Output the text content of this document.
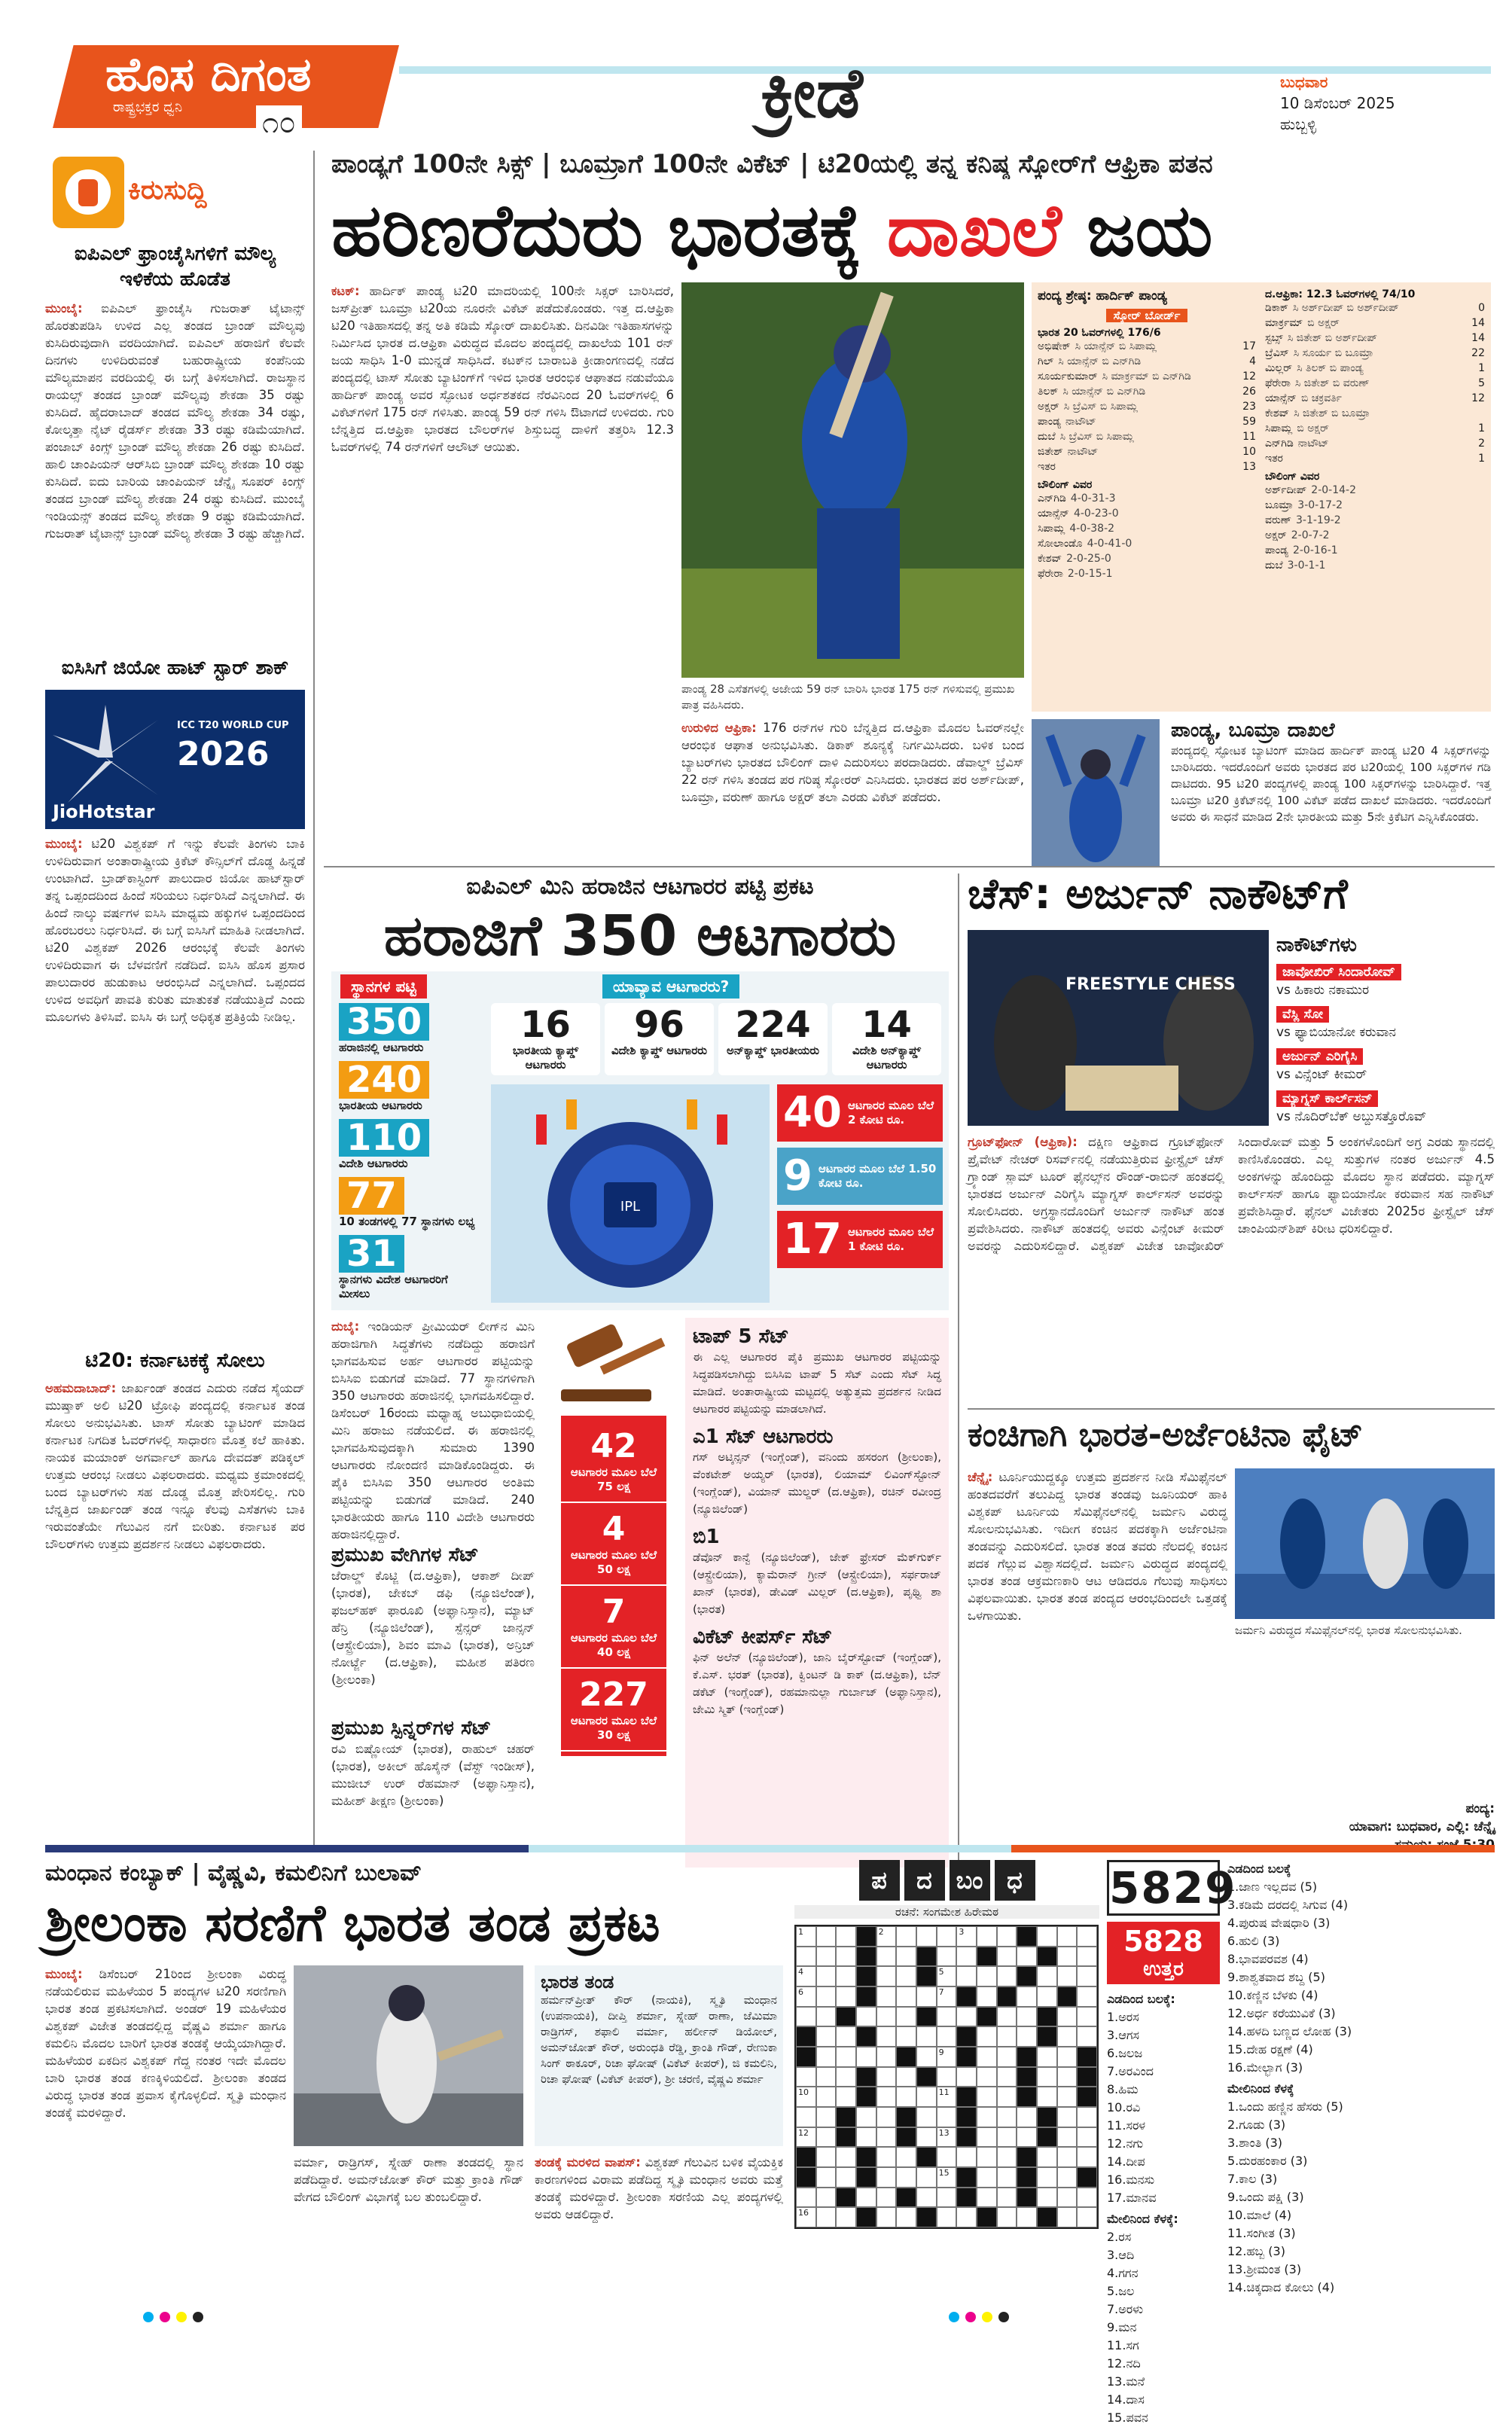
ಹೊಸ ದಿಗಂತ
ರಾಷ್ಟ್ರಭಕ್ತರ ಧ್ವನಿ	೧೦	ಕ್ರೀಡೆ	ಬುಧವಾರ
10 ಡಿಸೆಂಬರ್ 2025
ಹುಬ್ಬಳ್ಳಿ
ಕಿರುಸುದ್ದಿ
ಐಪಿಎಲ್ ಫ್ರಾಂಚೈಸಿಗಳಿಗೆ ಮೌಲ್ಯ ಇಳಿಕೆಯ ಹೊಡೆತ
ಮುಂಬೈ: ಐಪಿಎಲ್ ಫ್ರಾಂಚೈಸಿ ಗುಜರಾತ್ ಟೈಟಾನ್ಸ್ ಹೊರತುಪಡಿಸಿ ಉಳಿದ ಎಲ್ಲ ತಂಡದ ಬ್ರಾಂಡ್ ಮೌಲ್ಯವು ಕುಸಿದಿರುವುದಾಗಿ ವರದಿಯಾಗಿದೆ. ಐಪಿಎಲ್ ಹರಾಜಿಗೆ ಕೆಲವೇ ದಿನಗಳು ಉಳಿದಿರುವಂತೆ ಬಹುರಾಷ್ಟ್ರೀಯ ಕಂಪೆನಿಯ ಮೌಲ್ಯಮಾಪನ ವರದಿಯಲ್ಲಿ ಈ ಬಗ್ಗೆ ತಿಳಿಸಲಾಗಿದೆ. ರಾಜಸ್ಥಾನ ರಾಯಲ್ಸ್ ತಂಡದ ಬ್ರಾಂಡ್ ಮೌಲ್ಯವು ಶೇಕಡಾ 35 ರಷ್ಟು ಕುಸಿದಿದೆ. ಹೈದರಾಬಾದ್ ತಂಡದ ಮೌಲ್ಯ ಶೇಕಡಾ 34 ರಷ್ಟು, ಕೋಲ್ಕತ್ತಾ ನೈಟ್ ರೈಡರ್ಸ್ ಶೇಕಡಾ 33 ರಷ್ಟು ಕಡಿಮೆಯಾಗಿದೆ. ಪಂಜಾಬ್ ಕಿಂಗ್ಸ್ ಬ್ರಾಂಡ್ ಮೌಲ್ಯ ಶೇಕಡಾ 26 ರಷ್ಟು ಕುಸಿದಿದೆ. ಹಾಲಿ ಚಾಂಪಿಯನ್ ಆರ್‌ಸಿಬಿ ಬ್ರಾಂಡ್ ಮೌಲ್ಯ ಶೇಕಡಾ 10 ರಷ್ಟು ಕುಸಿದಿದೆ. ಐದು ಬಾರಿಯ ಚಾಂಪಿಯನ್ ಚೆನ್ನೈ ಸೂಪರ್ ಕಿಂಗ್ಸ್ ತಂಡದ ಬ್ರಾಂಡ್ ಮೌಲ್ಯ ಶೇಕಡಾ 24 ರಷ್ಟು ಕುಸಿದಿದೆ. ಮುಂಬೈ ಇಂಡಿಯನ್ಸ್ ತಂಡದ ಮೌಲ್ಯ ಶೇಕಡಾ 9 ರಷ್ಟು ಕಡಿಮೆಯಾಗಿದೆ. ಗುಜರಾತ್ ಟೈಟಾನ್ಸ್ ಬ್ರಾಂಡ್ ಮೌಲ್ಯ ಶೇಕಡಾ 3 ರಷ್ಟು ಹೆಚ್ಚಾಗಿದೆ.
ಐಸಿಸಿಗೆ ಜಿಯೋ ಹಾಟ್ ಸ್ಟಾರ್ ಶಾಕ್
ICC T20 WORLD CUP
2026
JioHotstar
ಮುಂಬೈ: ಟಿ20 ವಿಶ್ವಕಪ್ ಗೆ ಇನ್ನು ಕೆಲವೇ ತಿಂಗಳು ಬಾಕಿ ಉಳಿದಿರುವಾಗ ಅಂತಾರಾಷ್ಟ್ರೀಯ ಕ್ರಿಕೆಟ್ ಕೌನ್ಸಿಲ್‌ಗೆ ದೊಡ್ಡ ಹಿನ್ನಡೆ ಉಂಟಾಗಿದೆ. ಬ್ರಾಡ್‌ಕಾಸ್ಟಿಂಗ್ ಪಾಲುದಾರ ಜಿಯೋ ಹಾಟ್‌ಸ್ಟಾರ್ ತನ್ನ ಒಪ್ಪಂದದಿಂದ ಹಿಂದೆ ಸರಿಯಲು ನಿರ್ಧರಿಸಿದೆ ಎನ್ನಲಾಗಿದೆ. ಈ ಹಿಂದೆ ನಾಲ್ಕು ವರ್ಷಗಳ ಐಸಿಸಿ ಮಾಧ್ಯಮ ಹಕ್ಕುಗಳ ಒಪ್ಪಂದದಿಂದ ಹೊರಬರಲು ನಿರ್ಧರಿಸಿದೆ. ಈ ಬಗ್ಗೆ ಐಸಿಸಿಗೆ ಮಾಹಿತಿ ನೀಡಲಾಗಿದೆ. ಟಿ20 ವಿಶ್ವಕಪ್ 2026 ಆರಂಭಕ್ಕೆ ಕೆಲವೇ ತಿಂಗಳು ಉಳಿದಿರುವಾಗ ಈ ಬೆಳವಣಿಗೆ ನಡೆದಿದೆ. ಐಸಿಸಿ ಹೊಸ ಪ್ರಸಾರ ಪಾಲುದಾರರ ಹುಡುಕಾಟ ಆರಂಭಿಸಿದೆ ಎನ್ನಲಾಗಿದೆ. ಒಪ್ಪಂದದ ಉಳಿದ ಅವಧಿಗೆ ಪಾವತಿ ಕುರಿತು ಮಾತುಕತೆ ನಡೆಯುತ್ತಿದೆ ಎಂದು ಮೂಲಗಳು ತಿಳಿಸಿವೆ. ಐಸಿಸಿ ಈ ಬಗ್ಗೆ ಅಧಿಕೃತ ಪ್ರತಿಕ್ರಿಯೆ ನೀಡಿಲ್ಲ.
ಟಿ20: ಕರ್ನಾಟಕಕ್ಕೆ ಸೋಲು
ಅಹಮದಾಬಾದ್: ಜಾರ್ಖಂಡ್ ತಂಡದ ಎದುರು ನಡೆದ ಸೈಯದ್ ಮುಷ್ತಾಕ್ ಅಲಿ ಟಿ20 ಟ್ರೋಫಿ ಪಂದ್ಯದಲ್ಲಿ ಕರ್ನಾಟಕ ತಂಡ ಸೋಲು ಅನುಭವಿಸಿತು. ಟಾಸ್ ಸೋತು ಬ್ಯಾಟಿಂಗ್ ಮಾಡಿದ ಕರ್ನಾಟಕ ನಿಗದಿತ ಓವರ್‌ಗಳಲ್ಲಿ ಸಾಧಾರಣ ಮೊತ್ತ ಕಲೆ ಹಾಕಿತು. ನಾಯಕ ಮಯಾಂಕ್ ಅಗರ್ವಾಲ್ ಹಾಗೂ ದೇವದತ್ ಪಡಿಕ್ಕಲ್ ಉತ್ತಮ ಆರಂಭ ನೀಡಲು ವಿಫಲರಾದರು. ಮಧ್ಯಮ ಕ್ರಮಾಂಕದಲ್ಲಿ ಬಂದ ಬ್ಯಾಟರ್‌ಗಳು ಸಹ ದೊಡ್ಡ ಮೊತ್ತ ಪೇರಿಸಲಿಲ್ಲ. ಗುರಿ ಬೆನ್ನತ್ತಿದ ಜಾರ್ಖಂಡ್ ತಂಡ ಇನ್ನೂ ಕೆಲವು ಎಸೆತಗಳು ಬಾಕಿ ಇರುವಂತೆಯೇ ಗೆಲುವಿನ ನಗೆ ಬೀರಿತು. ಕರ್ನಾಟಕ ಪರ ಬೌಲರ್‌ಗಳು ಉತ್ತಮ ಪ್ರದರ್ಶನ ನೀಡಲು ವಿಫಲರಾದರು.
ಪಾಂಡ್ಯಗೆ 100ನೇ ಸಿಕ್ಸ್ | ಬೂಮ್ರಾಗೆ 100ನೇ ವಿಕೆಟ್ | ಟಿ20ಯಲ್ಲಿ ತನ್ನ ಕನಿಷ್ಠ ಸ್ಕೋರ್‌ಗೆ ಆಫ್ರಿಕಾ ಪತನ
ಹರಿಣರೆದುರು ಭಾರತಕ್ಕೆ ದಾಖಲೆ ಜಯ
ಕಟಕ್: ಹಾರ್ದಿಕ್ ಪಾಂಡ್ಯ ಟಿ20 ಮಾದರಿಯಲ್ಲಿ 100ನೇ ಸಿಕ್ಸರ್ ಬಾರಿಸಿದರೆ, ಜಸ್‌ಪ್ರೀತ್ ಬೂಮ್ರಾ ಟಿ20ಯ ನೂರನೇ ವಿಕೆಟ್ ಪಡೆದುಕೊಂಡರು. ಇತ್ತ ದ.ಆಫ್ರಿಕಾ ಟಿ20 ಇತಿಹಾಸದಲ್ಲಿ ತನ್ನ ಅತಿ ಕಡಿಮೆ ಸ್ಕೋರ್ ದಾಖಲಿಸಿತು. ದಿನವಿಡೀ ಇತಿಹಾಸಗಳನ್ನು ನಿರ್ಮಿಸಿದ ಭಾರತ ದ.ಆಫ್ರಿಕಾ ವಿರುದ್ಧದ ಮೊದಲ ಪಂದ್ಯದಲ್ಲಿ ದಾಖಲೆಯ 101 ರನ್ ಜಯ ಸಾಧಿಸಿ 1-0 ಮುನ್ನಡೆ ಸಾಧಿಸಿದೆ. ಕಟಕ್‌ನ ಬಾರಾಬತಿ ಕ್ರೀಡಾಂಗಣದಲ್ಲಿ ನಡೆದ ಪಂದ್ಯದಲ್ಲಿ ಟಾಸ್ ಸೋತು ಬ್ಯಾಟಿಂಗ್‌ಗೆ ಇಳಿದ ಭಾರತ ಆರಂಭಿಕ ಆಘಾತದ ನಡುವೆಯೂ ಹಾರ್ದಿಕ್ ಪಾಂಡ್ಯ ಅವರ ಸ್ಫೋಟಕ ಅರ್ಧಶತಕದ ನೆರವಿನಿಂದ 20 ಓವರ್‌ಗಳಲ್ಲಿ 6 ವಿಕೆಟ್‌ಗಳಿಗೆ 175 ರನ್ ಗಳಿಸಿತು. ಪಾಂಡ್ಯ 59 ರನ್ ಗಳಿಸಿ ಔಟಾಗದೆ ಉಳಿದರು. ಗುರಿ ಬೆನ್ನತ್ತಿದ ದ.ಆಫ್ರಿಕಾ ಭಾರತದ ಬೌಲರ್‌ಗಳ ಶಿಸ್ತುಬದ್ಧ ದಾಳಿಗೆ ತತ್ತರಿಸಿ 12.3 ಓವರ್‌ಗಳಲ್ಲಿ 74 ರನ್‌ಗಳಿಗೆ ಆಲೌಟ್ ಆಯಿತು.
ಪಾಂಡ್ಯ 28 ಎಸೆತಗಳಲ್ಲಿ ಅಜೇಯ 59 ರನ್ ಬಾರಿಸಿ ಭಾರತ 175 ರನ್ ಗಳಿಸುವಲ್ಲಿ ಪ್ರಮುಖ ಪಾತ್ರ ವಹಿಸಿದರು.
ಉರುಳಿದ ಆಫ್ರಿಕಾ: 176 ರನ್‌ಗಳ ಗುರಿ ಬೆನ್ನತ್ತಿದ ದ.ಆಫ್ರಿಕಾ ಮೊದಲ ಓವರ್‌ನಲ್ಲೇ ಆರಂಭಿಕ ಆಘಾತ ಅನುಭವಿಸಿತು. ಡಿಕಾಕ್ ಶೂನ್ಯಕ್ಕೆ ನಿರ್ಗಮಿಸಿದರು. ಬಳಿಕ ಬಂದ ಬ್ಯಾಟರ್‌ಗಳು ಭಾರತದ ಬೌಲಿಂಗ್ ದಾಳಿ ಎದುರಿಸಲು ಪರದಾಡಿದರು. ಡೆವಾಲ್ಡ್ ಬ್ರೆವಿಸ್ 22 ರನ್ ಗಳಿಸಿ ತಂಡದ ಪರ ಗರಿಷ್ಠ ಸ್ಕೋರರ್ ಎನಿಸಿದರು. ಭಾರತದ ಪರ ಅರ್ಶ್‌ದೀಪ್, ಬೂಮ್ರಾ, ವರುಣ್ ಹಾಗೂ ಅಕ್ಷರ್ ತಲಾ ಎರಡು ವಿಕೆಟ್ ಪಡೆದರು.
ಪಂದ್ಯ ಶ್ರೇಷ್ಠ: ಹಾರ್ದಿಕ್ ಪಾಂಡ್ಯ
ಸ್ಕೋರ್ ಬೋರ್ಡ್
ಭಾರತ 20 ಓವರ್‌ಗಳಲ್ಲಿ 176/6
ಅಭಿಷೇಕ್ ಸಿ ಯಾನ್ಸೆನ್ ಬಿ ಸಿಪಾಮ್ಲ	17
ಗಿಲ್ ಸಿ ಯಾನ್ಸೆನ್ ಬಿ ಎನ್‌ಗಿಡಿ	4
ಸೂರ್ಯಕುಮಾರ್ ಸಿ ಮಾರ್ಕ್ರಮ್ ಬಿ ಎನ್‌ಗಿಡಿ	12
ತಿಲಕ್ ಸಿ ಯಾನ್ಸೆನ್ ಬಿ ಎನ್‌ಗಿಡಿ	26
ಅಕ್ಷರ್ ಸಿ ಬ್ರೆವಿಸ್ ಬಿ ಸಿಪಾಮ್ಲ	23
ಪಾಂಡ್ಯ ನಾಟೌಟ್	59
ದುಬೆ ಸಿ ಬ್ರೆವಿಸ್ ಬಿ ಸಿಪಾಮ್ಲ	11
ಜಿತೇಶ್ ನಾಟೌಟ್	10
ಇತರ	13
ಬೌಲಿಂಗ್ ವಿವರ
ಎನ್‌ಗಿಡಿ 4-0-31-3
ಯಾನ್ಸೆನ್ 4-0-23-0
ಸಿಪಾಮ್ಲ 4-0-38-2
ಸೋಲಾಂಡೊ 4-0-41-0
ಕೇಶವ್ 2-0-25-0
ಫೆರೇರಾ 2-0-15-1
ದ.ಆಫ್ರಿಕಾ: 12.3 ಓವರ್‌ಗಳಲ್ಲಿ 74/10
ಡಿಕಾಕ್ ಸಿ ಅರ್ಶ್‌ದೀಪ್ ಬಿ ಅರ್ಶ್‌ದೀಪ್	0
ಮಾರ್ಕ್ರಮ್ ಬಿ ಅಕ್ಷರ್	14
ಸ್ಟಬ್ಸ್ ಸಿ ಜಿತೇಶ್ ಬಿ ಅರ್ಶ್‌ದೀಪ್	14
ಬ್ರೆವಿಸ್ ಸಿ ಸೂರ್ಯ ಬಿ ಬೂಮ್ರಾ	22
ಮಿಲ್ಲರ್ ಸಿ ತಿಲಕ್ ಬಿ ಪಾಂಡ್ಯ	1
ಫೆರೇರಾ ಸಿ ಜಿತೇಶ್ ಬಿ ವರುಣ್	5
ಯಾನ್ಸೆನ್ ಬಿ ಚಕ್ರವರ್ತಿ	12
ಕೇಶವ್ ಸಿ ಜಿತೇಶ್ ಬಿ ಬೂಮ್ರಾ
ಸಿಪಾಮ್ಲ ಬಿ ಅಕ್ಷರ್	1
ಎನ್‌ಗಿಡಿ ನಾಟೌಟ್	2
ಇತರ	1
ಬೌಲಿಂಗ್ ವಿವರ
ಅರ್ಶ್‌ದೀಪ್ 2-0-14-2
ಬೂಮ್ರಾ 3-0-17-2
ವರುಣ್ 3-1-19-2
ಅಕ್ಷರ್ 2-0-7-2
ಪಾಂಡ್ಯ 2-0-16-1
ದುಬೆ 3-0-1-1
ಪಾಂಡ್ಯ, ಬೂಮ್ರಾ ದಾಖಲೆ
ಪಂದ್ಯದಲ್ಲಿ ಸ್ಫೋಟಕ ಬ್ಯಾಟಿಂಗ್ ಮಾಡಿದ ಹಾರ್ದಿಕ್ ಪಾಂಡ್ಯ ಟಿ20 4 ಸಿಕ್ಸರ್‌ಗಳನ್ನು ಬಾರಿಸಿದರು. ಇದರೊಂದಿಗೆ ಅವರು ಭಾರತದ ಪರ ಟಿ20ಯಲ್ಲಿ 100 ಸಿಕ್ಸರ್‌ಗಳ ಗಡಿ ದಾಟಿದರು. 95 ಟಿ20 ಪಂದ್ಯಗಳಲ್ಲಿ ಪಾಂಡ್ಯ 100 ಸಿಕ್ಸರ್‌ಗಳನ್ನು ಬಾರಿಸಿದ್ದಾರೆ. ಇತ್ತ ಬೂಮ್ರಾ ಟಿ20 ಕ್ರಿಕೆಟ್‌ನಲ್ಲಿ 100 ವಿಕೆಟ್ ಪಡೆದ ದಾಖಲೆ ಮಾಡಿದರು. ಇದರೊಂದಿಗೆ ಅವರು ಈ ಸಾಧನೆ ಮಾಡಿದ 2ನೇ ಭಾರತೀಯ ಮತ್ತು 5ನೇ ಕ್ರಿಕೆಟಿಗ ಎನ್ನಿಸಿಕೊಂಡರು.
ಐಪಿಎಲ್ ಮಿನಿ ಹರಾಜಿನ ಆಟಗಾರರ ಪಟ್ಟಿ ಪ್ರಕಟ
ಹರಾಜಿಗೆ 350 ಆಟಗಾರರು
ಸ್ಥಾನಗಳ ಪಟ್ಟಿ	ಯಾವ್ಯಾವ ಆಟಗಾರರು?
350
ಹರಾಜಿನಲ್ಲಿ ಆಟಗಾರರು
240
ಭಾರತೀಯ ಆಟಗಾರರು
110
ವಿದೇಶಿ ಆಟಗಾರರು
77
10 ತಂಡಗಳಲ್ಲಿ 77 ಸ್ಥಾನಗಳು ಲಭ್ಯ
31
ಸ್ಥಾನಗಳು ವಿದೇಶ ಆಟಗಾರರಿಗೆ ಮೀಸಲು
16
ಭಾರತೀಯ ಕ್ಯಾಪ್ಡ್ ಆಟಗಾರರು
96
ವಿದೇಶಿ ಕ್ಯಾಪ್ಡ್ ಆಟಗಾರರು
224
ಅನ್‌ಕ್ಯಾಪ್ಡ್ ಭಾರತೀಯರು
14
ವಿದೇಶಿ ಅನ್‌ಕ್ಯಾಪ್ಡ್ ಆಟಗಾರರು
IPL
40 ಆಟಗಾರರ ಮೂಲ ಬೆಲೆ 2 ಕೋಟಿ ರೂ.
9 ಆಟಗಾರರ ಮೂಲ ಬೆಲೆ 1.50 ಕೋಟಿ ರೂ.
17 ಆಟಗಾರರ ಮೂಲ ಬೆಲೆ 1 ಕೋಟಿ ರೂ.
ದುಬೈ: ಇಂಡಿಯನ್ ಪ್ರೀಮಿಯರ್ ಲೀಗ್‌ನ ಮಿನಿ ಹರಾಜಿಗಾಗಿ ಸಿದ್ಧತೆಗಳು ನಡೆದಿದ್ದು ಹರಾಜಿಗೆ ಭಾಗವಹಿಸುವ ಅರ್ಹ ಆಟಗಾರರ ಪಟ್ಟಿಯನ್ನು ಬಿಸಿಸಿಐ ಬಿಡುಗಡೆ ಮಾಡಿದೆ. 77 ಸ್ಥಾನಗಳಿಗಾಗಿ 350 ಆಟಗಾರರು ಹರಾಜಿನಲ್ಲಿ ಭಾಗವಹಿಸಲಿದ್ದಾರೆ. ಡಿಸೆಂಬರ್ 16ರಂದು ಮಧ್ಯಾಹ್ನ ಅಬುಧಾಬಿಯಲ್ಲಿ ಮಿನಿ ಹರಾಜು ನಡೆಯಲಿದೆ. ಈ ಹರಾಜಿನಲ್ಲಿ ಭಾಗವಹಿಸುವುದಕ್ಕಾಗಿ ಸುಮಾರು 1390 ಆಟಗಾರರು ನೋಂದಣಿ ಮಾಡಿಕೊಂಡಿದ್ದರು. ಈ ಪೈಕಿ ಬಿಸಿಸಿಐ 350 ಆಟಗಾರರ ಅಂತಿಮ ಪಟ್ಟಿಯನ್ನು ಬಿಡುಗಡೆ ಮಾಡಿದೆ. 240 ಭಾರತೀಯರು ಹಾಗೂ 110 ವಿದೇಶಿ ಆಟಗಾರರು ಹರಾಜಿನಲ್ಲಿದ್ದಾರೆ.
ಪ್ರಮುಖ ವೇಗಿಗಳ ಸೆಟ್
ಜೆರಾಲ್ಡ್ ಕೊಟ್ಜಿ (ದ.ಆಫ್ರಿಕಾ), ಆಕಾಶ್ ದೀಪ್ (ಭಾರತ), ಜೇಕಬ್ ಡಫಿ (ನ್ಯೂಜಿಲೆಂಡ್), ಫಜಲ್‌ಹಕ್ ಫಾರೂಖಿ (ಅಫ್ಘಾನಿಸ್ತಾನ), ಮ್ಯಾಟ್ ಹೆನ್ರಿ (ನ್ಯೂಜಿಲೆಂಡ್), ಸ್ಪೆನ್ಸರ್ ಜಾನ್ಸನ್ (ಆಸ್ಟ್ರೇಲಿಯಾ), ಶಿವಂ ಮಾವಿ (ಭಾರತ), ಅನ್ರಿಚ್ ನೋರ್ಟ್ಜೆ (ದ.ಆಫ್ರಿಕಾ), ಮಹೀಶ ಪತಿರಣ (ಶ್ರೀಲಂಕಾ)
ಪ್ರಮುಖ ಸ್ಪಿನ್ನರ್‌ಗಳ ಸೆಟ್
ರವಿ ಬಿಷ್ಣೋಯ್ (ಭಾರತ), ರಾಹುಲ್ ಚಹರ್ (ಭಾರತ), ಅಕೀಲ್ ಹೊಸೈನ್ (ವೆಸ್ಟ್ ಇಂಡೀಸ್), ಮುಜೀಬ್ ಉರ್ ರೆಹಮಾನ್ (ಅಫ್ಘಾನಿಸ್ತಾನ), ಮಹೀಶ್ ತೀಕ್ಷಣ (ಶ್ರೀಲಂಕಾ)
42
ಆಟಗಾರರ ಮೂಲ ಬೆಲೆ 75 ಲಕ್ಷ
4
ಆಟಗಾರರ ಮೂಲ ಬೆಲೆ 50 ಲಕ್ಷ
7
ಆಟಗಾರರ ಮೂಲ ಬೆಲೆ 40 ಲಕ್ಷ
227
ಆಟಗಾರರ ಮೂಲ ಬೆಲೆ 30 ಲಕ್ಷ
ಟಾಪ್ 5 ಸೆಟ್
ಈ ಎಲ್ಲ ಆಟಗಾರರ ಪೈಕಿ ಪ್ರಮುಖ ಆಟಗಾರರ ಪಟ್ಟಿಯನ್ನು ಸಿದ್ಧಪಡಿಸಲಾಗಿದ್ದು ಬಿಸಿಸಿಐ ಟಾಪ್ 5 ಸೆಟ್ ಎಂದು ಸೆಟ್ ಸಿದ್ಧ ಮಾಡಿದೆ. ಅಂತಾರಾಷ್ಟ್ರೀಯ ಮಟ್ಟದಲ್ಲಿ ಅತ್ಯುತ್ತಮ ಪ್ರದರ್ಶನ ನೀಡಿದ ಆಟಗಾರರ ಪಟ್ಟಿಯನ್ನು ಮಾಡಲಾಗಿದೆ.
ಎ1 ಸೆಟ್ ಆಟಗಾರರು
ಗಸ್ ಅಟ್ಕಿನ್ಸನ್ (ಇಂಗ್ಲೆಂಡ್), ವನಿಂದು ಹಸರಂಗ (ಶ್ರೀಲಂಕಾ), ವೆಂಕಟೇಶ್ ಅಯ್ಯರ್ (ಭಾರತ), ಲಿಯಾಮ್ ಲಿವಿಂಗ್‌ಸ್ಟೋನ್ (ಇಂಗ್ಲೆಂಡ್), ವಿಯಾನ್ ಮುಲ್ಡರ್ (ದ.ಆಫ್ರಿಕಾ), ರಚಿನ್ ರವೀಂದ್ರ (ನ್ಯೂಜಿಲೆಂಡ್)
ಬಿ1
ಡೆವೊನ್ ಕಾನ್ವೆ (ನ್ಯೂಜಿಲೆಂಡ್), ಜೇಕ್ ಫ್ರೇಸರ್ ಮೆಕ್‌ಗುರ್ಕ್ (ಆಸ್ಟ್ರೇಲಿಯಾ), ಕ್ಯಾಮೆರಾನ್ ಗ್ರೀನ್ (ಆಸ್ಟ್ರೇಲಿಯಾ), ಸರ್ಫರಾಜ್ ಖಾನ್ (ಭಾರತ), ಡೇವಿಡ್ ಮಿಲ್ಲರ್ (ದ.ಆಫ್ರಿಕಾ), ಪೃಥ್ವಿ ಶಾ (ಭಾರತ)
ವಿಕೆಟ್ ಕೀಪರ್ಸ್ ಸೆಟ್
ಫಿನ್ ಅಲೆನ್ (ನ್ಯೂಜಿಲೆಂಡ್), ಜಾನಿ ಬೈರ್‌ಸ್ಟೋವ್ (ಇಂಗ್ಲೆಂಡ್), ಕೆ.ಎಸ್. ಭರತ್ (ಭಾರತ), ಕ್ವಿಂಟನ್ ಡಿ ಕಾಕ್ (ದ.ಆಫ್ರಿಕಾ), ಬೆನ್ ಡಕೆಟ್ (ಇಂಗ್ಲೆಂಡ್), ರಹಮಾನುಲ್ಲಾ ಗುರ್ಬಾಜ್ (ಅಫ್ಘಾನಿಸ್ತಾನ), ಜೇಮಿ ಸ್ಮಿತ್ (ಇಂಗ್ಲೆಂಡ್)
ಚೆಸ್: ಅರ್ಜುನ್ ನಾಕೌಟ್‌ಗೆ
FREESTYLE CHESS
ನಾಕೌಟ್‌ಗಳು
ಜಾವೋಖಿರ್ ಸಿಂದಾರೋವ್
vs ಹಿಕಾರು ನಕಾಮುರ
ವೆಸ್ಲಿ ಸೋ
vs ಫ್ಯಾಬಿಯಾನೋ ಕರುವಾನ
ಅರ್ಜುನ್ ಎರಿಗೈಸಿ
vs ವಿನ್ಸೆಂಟ್ ಕೀಮರ್
ಮ್ಯಾಗ್ನಸ್ ಕಾರ್ಲ್‌ಸನ್
vs ನೊದಿರ್‌ಬೆಕ್ ಅಬ್ದುಸತ್ತೊರೊವ್
ಗ್ರೂಟ್‌ಫೋನ್ (ಆಫ್ರಿಕಾ): ದಕ್ಷಿಣ ಆಫ್ರಿಕಾದ ಗ್ರೂಟ್‌ಫೋನ್ ಪ್ರೈವೇಟ್ ನೇಚರ್ ರಿಸರ್ವ್‌ನಲ್ಲಿ ನಡೆಯುತ್ತಿರುವ ಫ್ರೀಸ್ಟೈಲ್ ಚೆಸ್ ಗ್ರ್ಯಾಂಡ್ ಸ್ಲಾಮ್ ಟೂರ್ ಫೈನಲ್ಸ್‌ನ ರೌಂಡ್-ರಾಬಿನ್ ಹಂತದಲ್ಲಿ ಭಾರತದ ಅರ್ಜುನ್ ಎರಿಗೈಸಿ ಮ್ಯಾಗ್ನಸ್ ಕಾರ್ಲ್‌ಸನ್ ಅವರನ್ನು ಸೋಲಿಸಿದರು. ಅಗ್ರಸ್ಥಾನದೊಂದಿಗೆ ಅರ್ಜುನ್ ನಾಕೌಟ್ ಹಂತ ಪ್ರವೇಶಿಸಿದರು. ನಾಕೌಟ್ ಹಂತದಲ್ಲಿ ಅವರು ವಿನ್ಸೆಂಟ್ ಕೀಮರ್ ಅವರನ್ನು ಎದುರಿಸಲಿದ್ದಾರೆ. ವಿಶ್ವಕಪ್ ವಿಜೇತ ಜಾವೋಖಿರ್ ಸಿಂದಾರೋವ್ ಮತ್ತು 5 ಅಂಕಗಳೊಂದಿಗೆ ಅಗ್ರ ಎರಡು ಸ್ಥಾನದಲ್ಲಿ ಕಾಣಿಸಿಕೊಂಡರು. ಎಲ್ಲ ಸುತ್ತುಗಳ ನಂತರ ಅರ್ಜುನ್ 4.5 ಅಂಕಗಳನ್ನು ಹೊಂದಿದ್ದು ಮೊದಲ ಸ್ಥಾನ ಪಡೆದರು. ಮ್ಯಾಗ್ನಸ್ ಕಾರ್ಲ್‌ಸನ್ ಹಾಗೂ ಫ್ಯಾಬಿಯಾನೋ ಕರುವಾನ ಸಹ ನಾಕೌಟ್ ಪ್ರವೇಶಿಸಿದ್ದಾರೆ. ಫೈನಲ್ ವಿಜೇತರು 2025ರ ಫ್ರೀಸ್ಟೈಲ್ ಚೆಸ್ ಚಾಂಪಿಯನ್‌ಶಿಪ್ ಕಿರೀಟ ಧರಿಸಲಿದ್ದಾರೆ.
ಕಂಚಿಗಾಗಿ ಭಾರತ-ಅರ್ಜೆಂಟಿನಾ ಫೈಟ್
ಚೆನ್ನೈ: ಟೂರ್ನಿಯುದ್ದಕ್ಕೂ ಉತ್ತಮ ಪ್ರದರ್ಶನ ನೀಡಿ ಸೆಮಿಫೈನಲ್ ಹಂತದವರೆಗೆ ತಲುಪಿದ್ದ ಭಾರತ ತಂಡವು ಜೂನಿಯರ್ ಹಾಕಿ ವಿಶ್ವಕಪ್ ಟೂರ್ನಿಯ ಸೆಮಿಫೈನಲ್‌ನಲ್ಲಿ ಜರ್ಮನಿ ವಿರುದ್ಧ ಸೋಲನುಭವಿಸಿತು. ಇದೀಗ ಕಂಚಿನ ಪದಕಕ್ಕಾಗಿ ಅರ್ಜೆಂಟಿನಾ ತಂಡವನ್ನು ಎದುರಿಸಲಿದೆ. ಭಾರತ ತಂಡ ತವರು ನೆಲದಲ್ಲಿ ಕಂಚಿನ ಪದಕ ಗೆಲ್ಲುವ ವಿಶ್ವಾಸದಲ್ಲಿದೆ. ಜರ್ಮನಿ ವಿರುದ್ಧದ ಪಂದ್ಯದಲ್ಲಿ ಭಾರತ ತಂಡ ಆಕ್ರಮಣಕಾರಿ ಆಟ ಆಡಿದರೂ ಗೆಲುವು ಸಾಧಿಸಲು ವಿಫಲವಾಯಿತು. ಭಾರತ ತಂಡ ಪಂದ್ಯದ ಆರಂಭದಿಂದಲೇ ಒತ್ತಡಕ್ಕೆ ಒಳಗಾಯಿತು.
ಜರ್ಮನಿ ವಿರುದ್ಧದ ಸೆಮಿಫೈನಲ್‌ನಲ್ಲಿ ಭಾರತ ಸೋಲನುಭವಿಸಿತು.
ಪಂದ್ಯ:
ಯಾವಾಗ: ಬುಧವಾರ, ಎಲ್ಲಿ: ಚೆನ್ನೈ
ಮಂಧಾನ ಕಂಬ್ಯಾಕ್ | ವೈಷ್ಣವಿ, ಕಮಲಿನಿಗೆ ಬುಲಾವ್
ಶ್ರೀಲಂಕಾ ಸರಣಿಗೆ ಭಾರತ ತಂಡ ಪ್ರಕಟ
ಮುಂಬೈ: ಡಿಸೆಂಬರ್ 21ರಿಂದ ಶ್ರೀಲಂಕಾ ವಿರುದ್ಧ ನಡೆಯಲಿರುವ ಮಹಿಳೆಯರ 5 ಪಂದ್ಯಗಳ ಟಿ20 ಸರಣಿಗಾಗಿ ಭಾರತ ತಂಡ ಪ್ರಕಟಿಸಲಾಗಿದೆ. ಅಂಡರ್ 19 ಮಹಿಳೆಯರ ವಿಶ್ವಕಪ್ ವಿಜೇತ ತಂಡದಲ್ಲಿದ್ದ ವೈಷ್ಣವಿ ಶರ್ಮಾ ಹಾಗೂ ಕಮಲಿನಿ ಮೊದಲ ಬಾರಿಗೆ ಭಾರತ ತಂಡಕ್ಕೆ ಆಯ್ಕೆಯಾಗಿದ್ದಾರೆ. ಮಹಿಳೆಯರ ಏಕದಿನ ವಿಶ್ವಕಪ್ ಗೆದ್ದ ನಂತರ ಇದೇ ಮೊದಲ ಬಾರಿ ಭಾರತ ತಂಡ ಕಣಕ್ಕಿಳಿಯಲಿದೆ. ಶ್ರೀಲಂಕಾ ತಂಡದ ವಿರುದ್ಧ ಭಾರತ ತಂಡ ಪ್ರವಾಸ ಕೈಗೊಳ್ಳಲಿದೆ. ಸ್ಮೃತಿ ಮಂಧಾನ ತಂಡಕ್ಕೆ ಮರಳಿದ್ದಾರೆ.
ಭಾರತ ತಂಡ
ಹರ್ಮನ್‌ಪ್ರೀತ್ ಕೌರ್ (ನಾಯಕಿ), ಸ್ಮೃತಿ ಮಂಧಾನ (ಉಪನಾಯಕಿ), ದೀಪ್ತಿ ಶರ್ಮಾ, ಸ್ನೇಹ್ ರಾಣಾ, ಜೆಮಿಮಾ ರಾಡ್ರಿಗಸ್, ಶಫಾಲಿ ವರ್ಮಾ, ಹರ್ಲೀನ್ ಡಿಯೋಲ್, ಅಮನ್‌ಜೋತ್ ಕೌರ್, ಅರುಂಧತಿ ರೆಡ್ಡಿ, ಕ್ರಾಂತಿ ಗೌಡ್, ರೇಣುಕಾ ಸಿಂಗ್ ಠಾಕೂರ್, ರಿಚಾ ಘೋಷ್ (ವಿಕೆಟ್ ಕೀಪರ್), ಜಿ ಕಮಲಿನಿ, ರಿಚಾ ಘೋಷ್ (ವಿಕೆಟ್ ಕೀಪರ್), ಶ್ರೀ ಚರಣಿ, ವೈಷ್ಣವಿ ಶರ್ಮಾ
ವರ್ಮಾ, ರಾಡ್ರಿಗಸ್, ಸ್ನೇಹ್ ರಾಣಾ ತಂಡದಲ್ಲಿ ಸ್ಥಾನ ಪಡೆದಿದ್ದಾರೆ. ಅಮನ್‌ಜೋತ್ ಕೌರ್ ಮತ್ತು ಕ್ರಾಂತಿ ಗೌಡ್ ವೇಗದ ಬೌಲಿಂಗ್ ವಿಭಾಗಕ್ಕೆ ಬಲ ತುಂಬಲಿದ್ದಾರೆ.
ತಂಡಕ್ಕೆ ಮರಳಿದ ವಾಪಸ್: ವಿಶ್ವಕಪ್ ಗೆಲುವಿನ ಬಳಿಕ ವೈಯಕ್ತಿಕ ಕಾರಣಗಳಿಂದ ವಿರಾಮ ಪಡೆದಿದ್ದ ಸ್ಮೃತಿ ಮಂಧಾನ ಅವರು ಮತ್ತೆ ತಂಡಕ್ಕೆ ಮರಳಿದ್ದಾರೆ. ಶ್ರೀಲಂಕಾ ಸರಣಿಯ ಎಲ್ಲ ಪಂದ್ಯಗಳಲ್ಲಿ ಅವರು ಆಡಲಿದ್ದಾರೆ.
ಪ	ದ ಬಂ ಧ
ರಚನೆ: ಸಂಗಮೇಶ ಹಿರೇಮಠ
1	2	3
4	5
6	7
9
10	11
12	13
15
16
5829
5828
ಉತ್ತರ
ಎಡದಿಂದ ಬಲಕ್ಕೆ:
1.ಅರಸ
3.ಆಗಸ
6.ಜಲಜ
7.ಅರವಿಂದ
8.ಹಿಮ
10.ರವಿ
11.ಸರಳ
12.ನಗು
14.ದೀಪ
16.ಮನಸು
17.ಮಾನವ
ಮೇಲಿನಿಂದ ಕೆಳಕ್ಕೆ:
2.ರಸ
3.ಆದಿ
4.ಗಗನ
5.ಜಲ
7.ಅರಳು
9.ಮನ
11.ಸಗ
12.ನದಿ
13.ಮನೆ
14.ದಾಸ
15.ಪವನ
ಎಡದಿಂದ ಬಲಕ್ಕೆ
1.ಜಾಣ ಇಲ್ಲದವ (5)
3.ಕಡಿಮೆ ದರದಲ್ಲಿ ಸಿಗುವ (4)
4.ಪುರುಷ ವೇಷಧಾರಿ (3)
6.ಹುಲಿ (3)
8.ಭಾವಪರವಶ (4)
9.ಶಾಶ್ವತವಾದ ಶಬ್ದ (5)
10.ಕಣ್ಣಿನ ಬೆಳಕು (4)
12.ಅರ್ಧ ಕರೆಯುವಿಕೆ (3)
14.ಹಳದಿ ಬಣ್ಣದ ಲೋಹ (3)
15.ದೇಹ ರಕ್ಷಣೆ (4)
16.ಮೇಲ್ಭಾಗ (3)
ಮೇಲಿನಿಂದ ಕೆಳಕ್ಕೆ
1.ಒಂದು ಹಣ್ಣಿನ ಹೆಸರು (5)
2.ಗೂಡು (3)
3.ಶಾಂತಿ (3)
5.ದುರಹಂಕಾರ (3)
7.ಕಾಲ (3)
9.ಒಂದು ಪಕ್ಷಿ (3)
10.ಮಾಲೆ (4)
11.ಸಂಗೀತ (3)
12.ಹಬ್ಬ (3)
13.ಶ್ರೀಮಂತ (3)
14.ಚಿಕ್ಕದಾದ ಕೋಲು (4)
